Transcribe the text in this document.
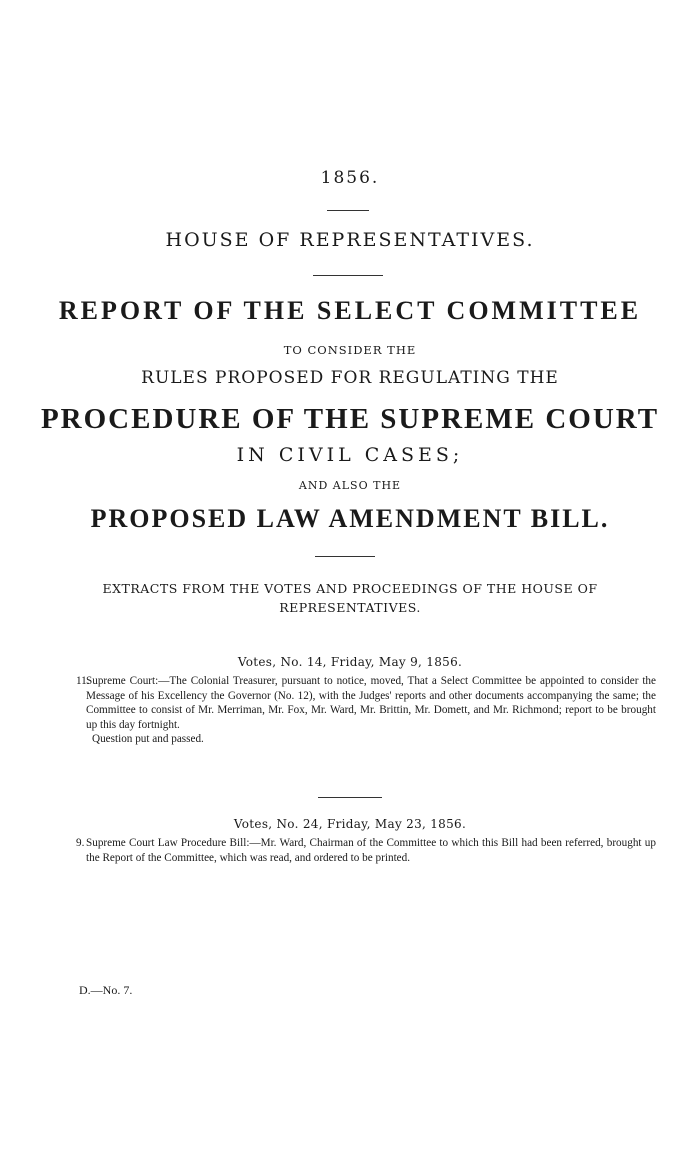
1856.
HOUSE OF REPRESENTATIVES.
REPORT OF THE SELECT COMMITTEE
TO CONSIDER THE
RULES PROPOSED FOR REGULATING THE
PROCEDURE OF THE SUPREME COURT
IN CIVIL CASES;
AND ALSO THE
PROPOSED LAW AMENDMENT BILL.
EXTRACTS FROM THE VOTES AND PROCEEDINGS OF THE HOUSE OF
REPRESENTATIVES.
Votes, No. 14, Friday, May 9, 1856.
11.
Supreme Court:—The Colonial Treasurer, pursuant to notice, moved, That a Select Committee be appointed to consider the Message of his Excellency the Governor (No. 12), with the Judges' reports and other documents accompanying the same; the Committee to consist of Mr. Merriman, Mr. Fox, Mr. Ward, Mr. Brittin, Mr. Domett, and Mr. Richmond; report to be brought up this day fortnight.
Question put and passed.
Votes, No. 24, Friday, May 23, 1856.
9. Supreme Court Law Procedure Bill:—Mr. Ward, Chairman of the Committee to which this Bill had been referred, brought up the Report of the Committee, which was read, and ordered to be printed.
D.—No. 7.
